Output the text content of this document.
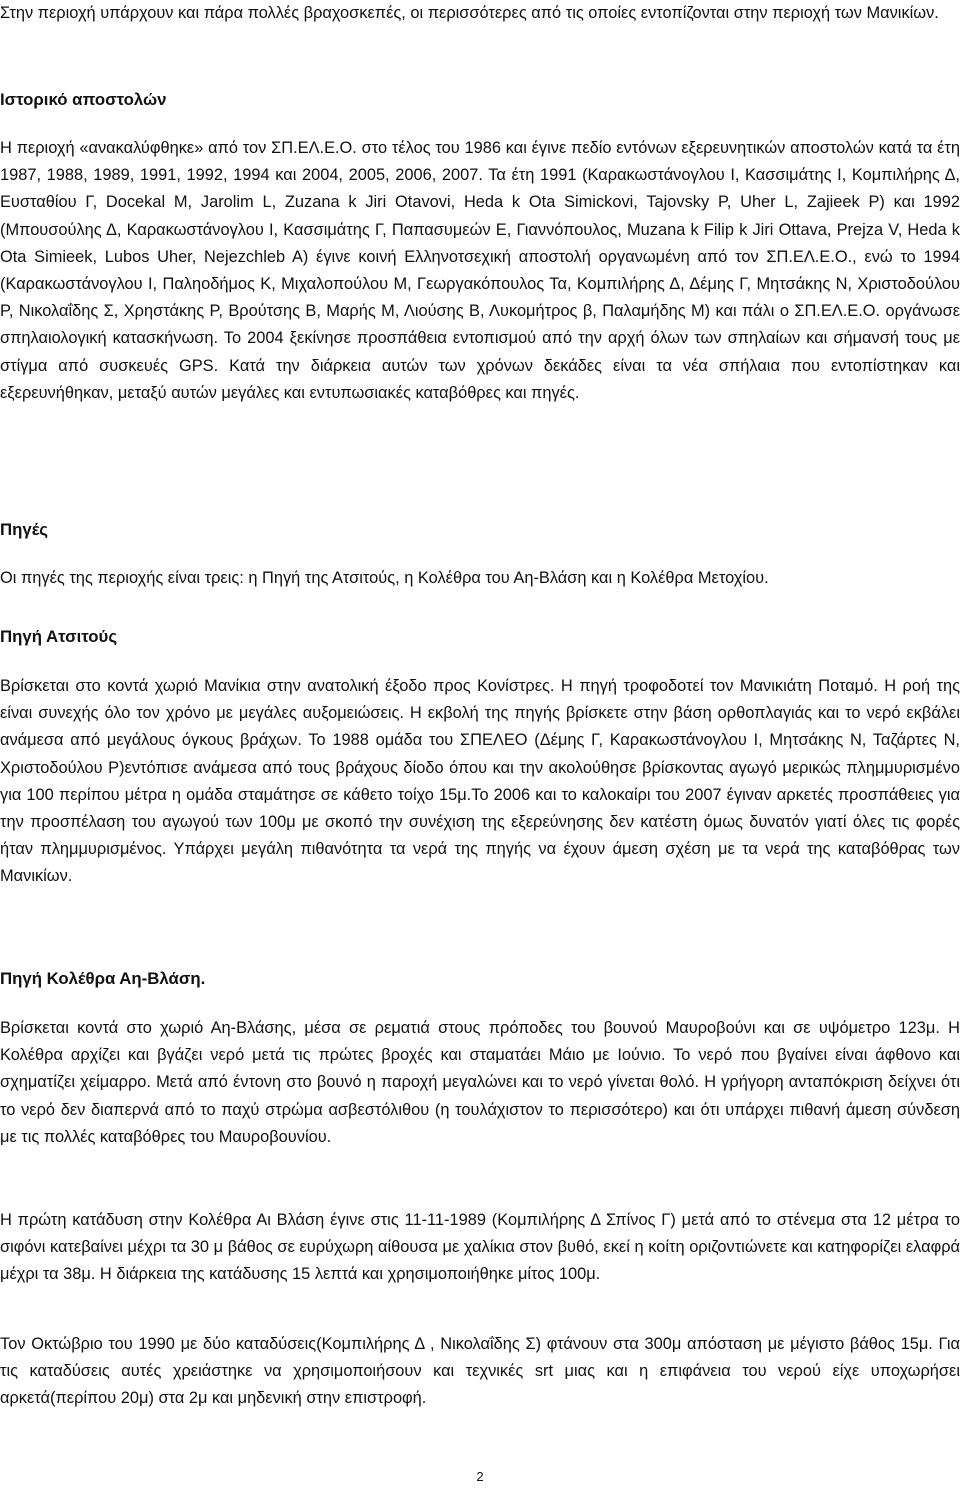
Στην περιοχή υπάρχουν και πάρα πολλές βραχοσκεπές, οι περισσότερες από τις οποίες εντοπίζονται στην περιοχή των Μανικίων.

Ιστορικό αποστολών

Η περιοχή «ανακαλύφθηκε» από τον ΣΠ.ΕΛ.Ε.Ο. στο τέλος του 1986 και έγινε πεδίο εντόνων εξερευνητικών αποστολών κατά τα έτη 1987, 1988, 1989, 1991, 1992, 1994 και 2004, 2005, 2006, 2007. Τα έτη 1991 (Καρακωστάνογλου Ι, Κασσιμάτης Ι, Κομπιλήρης Δ, Ευσταθίου Γ, Docekal M, Jarolim L, Zuzana k Jiri Otavovi, Heda k Ota Simickovi, Tajovsky P, Uher L, Zajieek P) και 1992 (Μπουσούλης Δ, Καρακωστάνογλου Ι, Κασσιμάτης Γ, Παπασυμεών Ε, Γιαννόπουλος, Muzana k Filip k Jiri Ottava, Prejza V, Heda k Ota Simieek, Lubos Uher, Nejezchleb A) έγινε κοινή Ελληνοτσεχική αποστολή οργανωμένη από τον ΣΠ.ΕΛ.Ε.Ο., ενώ το 1994 (Καρακωστάνογλου Ι, Παληοδήμος Κ, Μιχαλοπούλου Μ, Γεωργακόπουλος Τα, Κομπιλήρης Δ, Δέμης Γ, Μητσάκης Ν, Χριστοδούλου Ρ, Νικολαΐδης Σ, Χρηστάκης Ρ, Βρούτσης Β, Μαρής Μ, Λιούσης Β, Λυκομήτρος β, Παλαμήδης Μ) και πάλι ο ΣΠ.ΕΛ.Ε.Ο. οργάνωσε σπηλαιολογική κατασκήνωση. Το 2004 ξεκίνησε προσπάθεια εντοπισμού από την αρχή όλων των σπηλαίων και σήμανσή τους με στίγμα από συσκευές GPS. Κατά την διάρκεια αυτών των χρόνων δεκάδες είναι τα νέα σπήλαια που εντοπίστηκαν και εξερευνήθηκαν, μεταξύ αυτών μεγάλες και εντυπωσιακές καταβόθρες και πηγές.

Πηγές

Οι πηγές της περιοχής είναι τρεις: η Πηγή της Ατσιτούς, η Κολέθρα του Αη-Βλάση και η Κολέθρα Μετοχίου.

Πηγή Ατσιτούς

Βρίσκεται στο κοντά χωριό Μανίκια στην ανατολική έξοδο προς Κονίστρες. Η πηγή τροφοδοτεί τον Μανικιάτη Ποταμό. Η ροή της είναι συνεχής όλο τον χρόνο με μεγάλες αυξομειώσεις. Η εκβολή της πηγής βρίσκετε στην βάση ορθοπλαγιάς και το νερό εκβάλει ανάμεσα από μεγάλους όγκους βράχων. Το 1988 ομάδα του ΣΠΕΛΕΟ (Δέμης Γ, Καρακωστάνογλου Ι, Μητσάκης Ν, Ταζάρτες Ν, Χριστοδούλου Ρ)εντόπισε ανάμεσα από τους βράχους δίοδο όπου και την ακολούθησε βρίσκοντας αγωγό μερικώς πλημμυρισμένο για 100 περίπου μέτρα η ομάδα σταμάτησε σε κάθετο τοίχο 15μ.Το 2006 και το καλοκαίρι του 2007 έγιναν αρκετές προσπάθειες για την προσπέλαση του αγωγού των 100μ με σκοπό την συνέχιση της εξερεύνησης δεν κατέστη όμως δυνατόν γιατί όλες τις φορές ήταν πλημμυρισμένος. Υπάρχει μεγάλη πιθανότητα τα νερά της πηγής να έχουν άμεση σχέση με τα νερά της καταβόθρας των Μανικίων.

Πηγή Κολέθρα Αη-Βλάση.

Βρίσκεται κοντά στο χωριό Αη-Βλάσης, μέσα σε ρεματιά στους πρόποδες του βουνού Μαυροβούνι και σε υψόμετρο 123μ. Η Κολέθρα αρχίζει και βγάζει νερό μετά τις πρώτες βροχές και σταματάει Μάιο με Ιούνιο. Το νερό που βγαίνει είναι άφθονο και σχηματίζει χείμαρρο. Μετά από έντονη στο βουνό η παροχή μεγαλώνει και το νερό γίνεται θολό. Η γρήγορη ανταπόκριση δείχνει ότι το νερό δεν διαπερνά από το παχύ στρώμα ασβεστόλιθου (η τουλάχιστον το περισσότερο) και ότι υπάρχει πιθανή άμεση σύνδεση με τις πολλές καταβόθρες του Μαυροβουνίου.

Η πρώτη κατάδυση στην Κολέθρα Αι Βλάση έγινε στις 11-11-1989 (Κομπιλήρης Δ Σπίνος Γ) μετά από το στένεμα στα 12 μέτρα το σιφόνι κατεβαίνει μέχρι τα 30 μ βάθος σε ευρύχωρη αίθουσα με χαλίκια στον βυθό, εκεί η κοίτη οριζοντιώνετε και κατηφορίζει ελαφρά μέχρι τα 38μ. Η διάρκεια της κατάδυσης 15 λεπτά και χρησιμοποιήθηκε μίτος 100μ.

Τον Οκτώβριο του 1990 με δύο καταδύσεις(Κομπιλήρης Δ , Νικολαΐδης Σ) φτάνουν στα 300μ απόσταση με μέγιστο βάθος 15μ. Για τις καταδύσεις αυτές χρειάστηκε να χρησιμοποιήσουν και τεχνικές srt μιας και η επιφάνεια του νερού είχε υποχωρήσει αρκετά(περίπου 20μ) στα 2μ και μηδενική στην επιστροφή.

2
